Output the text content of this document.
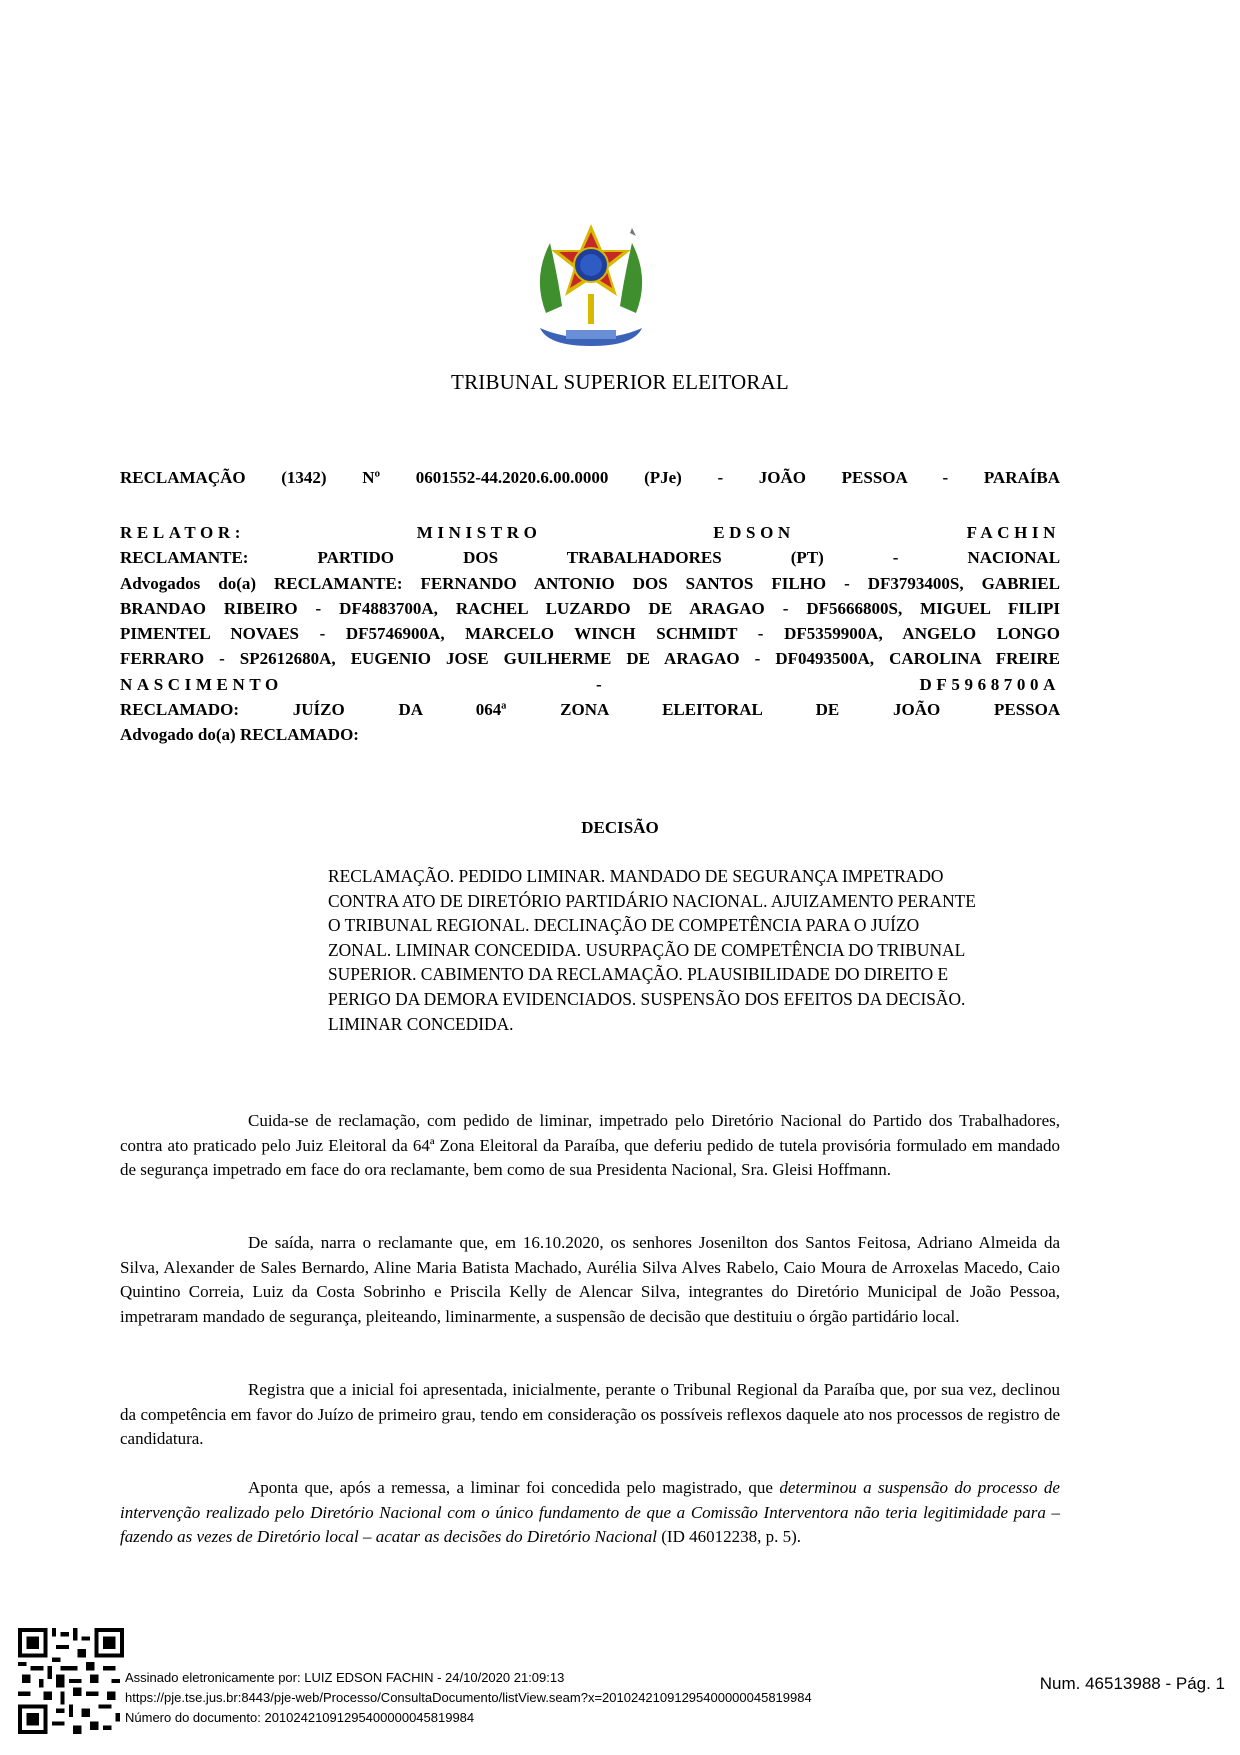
TRIBUNAL SUPERIOR ELEITORAL
RECLAMAÇÃO (1342) Nº 0601552-44.2020.6.00.0000 (PJe) - JOÃO PESSOA - PARAÍBA
RELATOR:	MINISTRO	EDSON	FACHIN
RECLAMANTE:	PARTIDO	DOS	TRABALHADORES	(PT)	-	NACIONAL
Advogados do(a) RECLAMANTE: FERNANDO ANTONIO DOS SANTOS FILHO - DF3793400S, GABRIEL
BRANDAO RIBEIRO - DF4883700A, RACHEL LUZARDO DE ARAGAO - DF5666800S, MIGUEL FILIPI
PIMENTEL NOVAES - DF5746900A, MARCELO WINCH SCHMIDT - DF5359900A, ANGELO LONGO
FERRARO - SP2612680A, EUGENIO JOSE GUILHERME DE ARAGAO - DF0493500A, CAROLINA FREIRE
NASCIMENTO	-	DF5968700A
RECLAMADO:	JUÍZO	DA	064ª	ZONA	ELEITORAL	DE	JOÃO	PESSOA
Advogado do(a) RECLAMADO:
DECISÃO
RECLAMAÇÃO. PEDIDO LIMINAR. MANDADO DE SEGURANÇA IMPETRADO
CONTRA ATO DE DIRETÓRIO PARTIDÁRIO NACIONAL. AJUIZAMENTO PERANTE
O TRIBUNAL REGIONAL. DECLINAÇÃO DE COMPETÊNCIA PARA O JUÍZO
ZONAL. LIMINAR CONCEDIDA. USURPAÇÃO DE COMPETÊNCIA DO TRIBUNAL
SUPERIOR. CABIMENTO DA RECLAMAÇÃO. PLAUSIBILIDADE DO DIREITO E
PERIGO DA DEMORA EVIDENCIADOS. SUSPENSÃO DOS EFEITOS DA DECISÃO.
LIMINAR CONCEDIDA.

Cuida-se de reclamação, com pedido de liminar, impetrado pelo Diretório Nacional do Partido dos Trabalhadores, contra ato praticado pelo Juiz Eleitoral da 64ª Zona Eleitoral da Paraíba, que deferiu pedido de tutela provisória formulado em mandado de segurança impetrado em face do ora reclamante, bem como de sua Presidenta Nacional, Sra. Gleisi Hoffmann.

De saída, narra o reclamante que, em 16.10.2020, os senhores Josenilton dos Santos Feitosa, Adriano Almeida da Silva, Alexander de Sales Bernardo, Aline Maria Batista Machado, Aurélia Silva Alves Rabelo, Caio Moura de Arroxelas Macedo, Caio Quintino Correia, Luiz da Costa Sobrinho e Priscila Kelly de Alencar Silva, integrantes do Diretório Municipal de João Pessoa, impetraram mandado de segurança, pleiteando, liminarmente, a suspensão de decisão que destituiu o órgão partidário local.

Registra que a inicial foi apresentada, inicialmente, perante o Tribunal Regional da Paraíba que, por sua vez, declinou da competência em favor do Juízo de primeiro grau, tendo em consideração os possíveis reflexos daquele ato nos processos de registro de candidatura.

Aponta que, após a remessa, a liminar foi concedida pelo magistrado, que determinou a suspensão do processo de intervenção realizado pelo Diretório Nacional com o único fundamento de que a Comissão Interventora não teria legitimidade para – fazendo as vezes de Diretório local – acatar as decisões do Diretório Nacional (ID 46012238, p. 5).

Assinado eletronicamente por: LUIZ EDSON FACHIN - 24/10/2020 21:09:13
https://pje.tse.jus.br:8443/pje-web/Processo/ConsultaDocumento/listView.seam?x=20102421091295400000045819984
Número do documento: 20102421091295400000045819984
Num. 46513988 - Pág. 1
